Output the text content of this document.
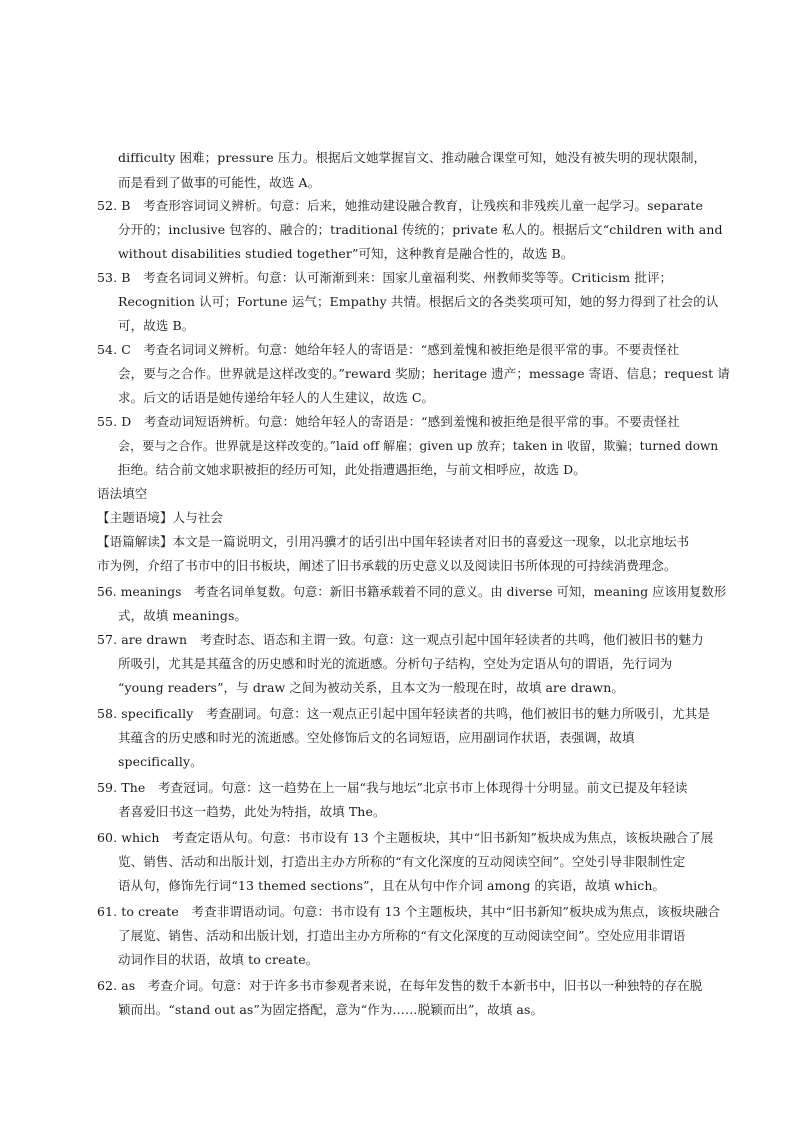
difficulty 困难；pressure 压力。根据后文她掌握盲文、推动融合课堂可知，她没有被失明的现状限制，
而是看到了做事的可能性，故选 A。
52. B　考查形容词词义辨析。句意：后来，她推动建设融合教育，让残疾和非残疾儿童一起学习。separate
分开的；inclusive 包容的、融合的；traditional 传统的；private 私人的。根据后文“children with and
without disabilities studied together”可知，这种教育是融合性的，故选 B。
53. B　考查名词词义辨析。句意：认可渐渐到来：国家儿童福利奖、州教师奖等等。Criticism 批评；
Recognition 认可；Fortune 运气；Empathy 共情。根据后文的各类奖项可知，她的努力得到了社会的认
可，故选 B。
54. C　考查名词词义辨析。句意：她给年轻人的寄语是：“感到羞愧和被拒绝是很平常的事。不要责怪社
会，要与之合作。世界就是这样改变的。”reward 奖励；heritage 遗产；message 寄语、信息；request 请
求。后文的话语是她传递给年轻人的人生建议，故选 C。
55. D　考查动词短语辨析。句意：她给年轻人的寄语是：“感到羞愧和被拒绝是很平常的事。不要责怪社
会，要与之合作。世界就是这样改变的。”laid off 解雇；given up 放弃；taken in 收留，欺骗；turned down
拒绝。结合前文她求职被拒的经历可知，此处指遭遇拒绝，与前文相呼应，故选 D。
语法填空
【主题语境】人与社会
【语篇解读】本文是一篇说明文，引用冯骥才的话引出中国年轻读者对旧书的喜爱这一现象，以北京地坛书
市为例，介绍了书市中的旧书板块，阐述了旧书承载的历史意义以及阅读旧书所体现的可持续消费理念。
56. meanings　考查名词单复数。句意：新旧书籍承载着不同的意义。由 diverse 可知，meaning 应该用复数形
式，故填 meanings。
57. are drawn　考查时态、语态和主谓一致。句意：这一观点引起中国年轻读者的共鸣，他们被旧书的魅力
所吸引，尤其是其蕴含的历史感和时光的流逝感。分析句子结构，空处为定语从句的谓语，先行词为
“young readers”，与 draw 之间为被动关系，且本文为一般现在时，故填 are drawn。
58. specifically　考查副词。句意：这一观点正引起中国年轻读者的共鸣，他们被旧书的魅力所吸引，尤其是
其蕴含的历史感和时光的流逝感。空处修饰后文的名词短语，应用副词作状语，表强调，故填
specifically。
59. The　考查冠词。句意：这一趋势在上一届“我与地坛”北京书市上体现得十分明显。前文已提及年轻读
者喜爱旧书这一趋势，此处为特指，故填 The。
60. which　考查定语从句。句意：书市设有 13 个主题板块，其中“旧书新知”板块成为焦点，该板块融合了展
览、销售、活动和出版计划，打造出主办方所称的“有文化深度的互动阅读空间”。空处引导非限制性定
语从句，修饰先行词“13 themed sections”，且在从句中作介词 among 的宾语，故填 which。
61. to create　考查非谓语动词。句意：书市设有 13 个主题板块，其中“旧书新知”板块成为焦点，该板块融合
了展览、销售、活动和出版计划，打造出主办方所称的“有文化深度的互动阅读空间”。空处应用非谓语
动词作目的状语，故填 to create。
62. as　考查介词。句意：对于许多书市参观者来说，在每年发售的数千本新书中，旧书以一种独特的存在脱
颖而出。“stand out as”为固定搭配，意为“作为……脱颖而出”，故填 as。
